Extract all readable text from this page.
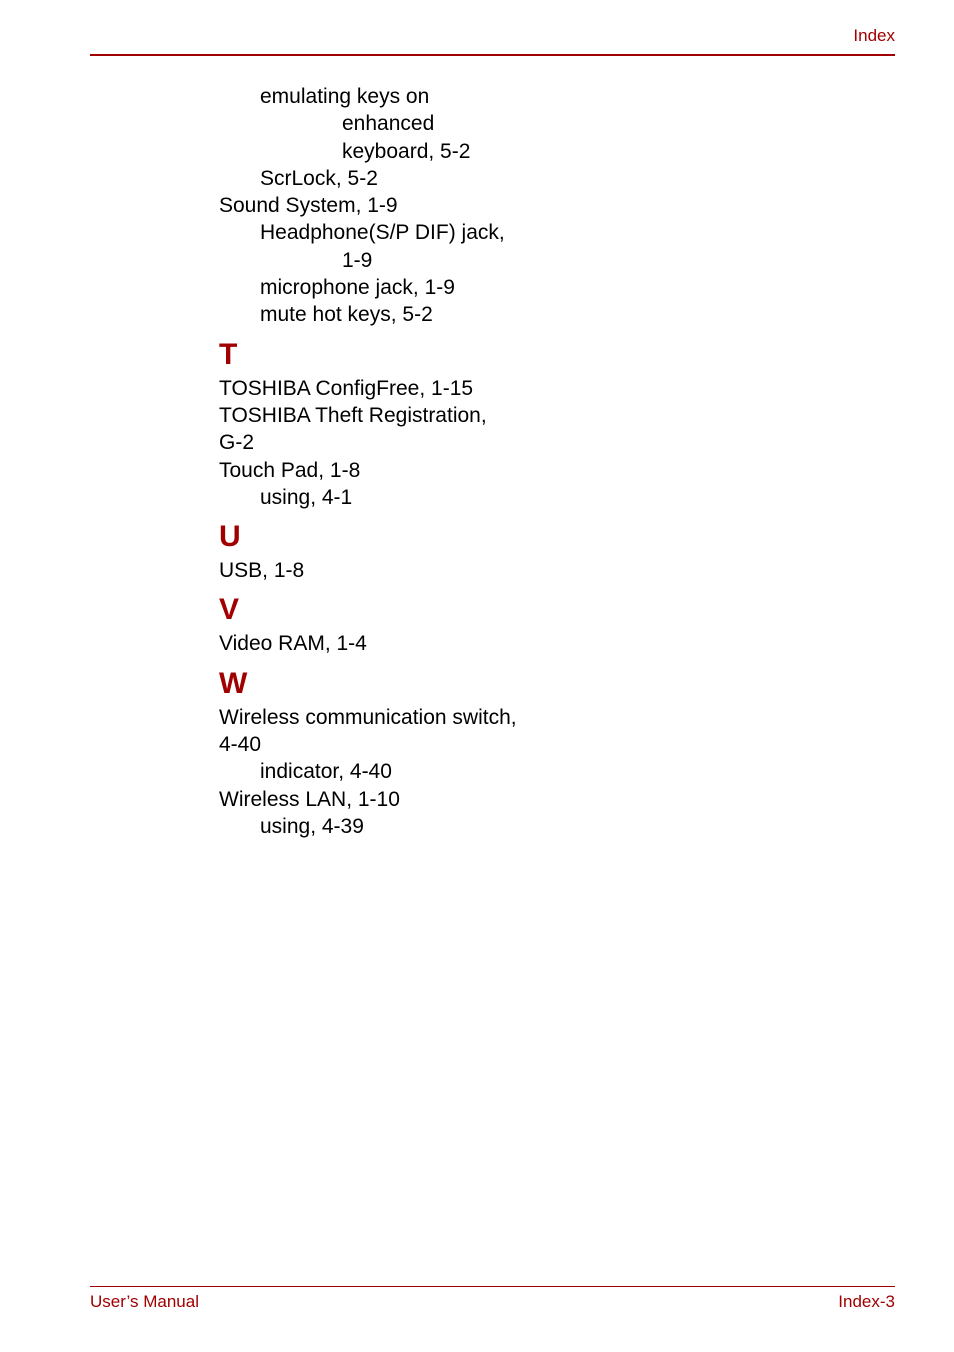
Index
emulating keys on
enhanced
keyboard, 5-2
ScrLock, 5-2
Sound System, 1-9
Headphone(S/P DIF) jack,
1-9
microphone jack, 1-9
mute hot keys, 5-2
T
TOSHIBA ConfigFree, 1-15
TOSHIBA Theft Registration,
G-2
Touch Pad, 1-8
using, 4-1
U
USB, 1-8
V
Video RAM, 1-4
W
Wireless communication switch,
4-40
indicator, 4-40
Wireless LAN, 1-10
using, 4-39
User’s Manual	Index-3
